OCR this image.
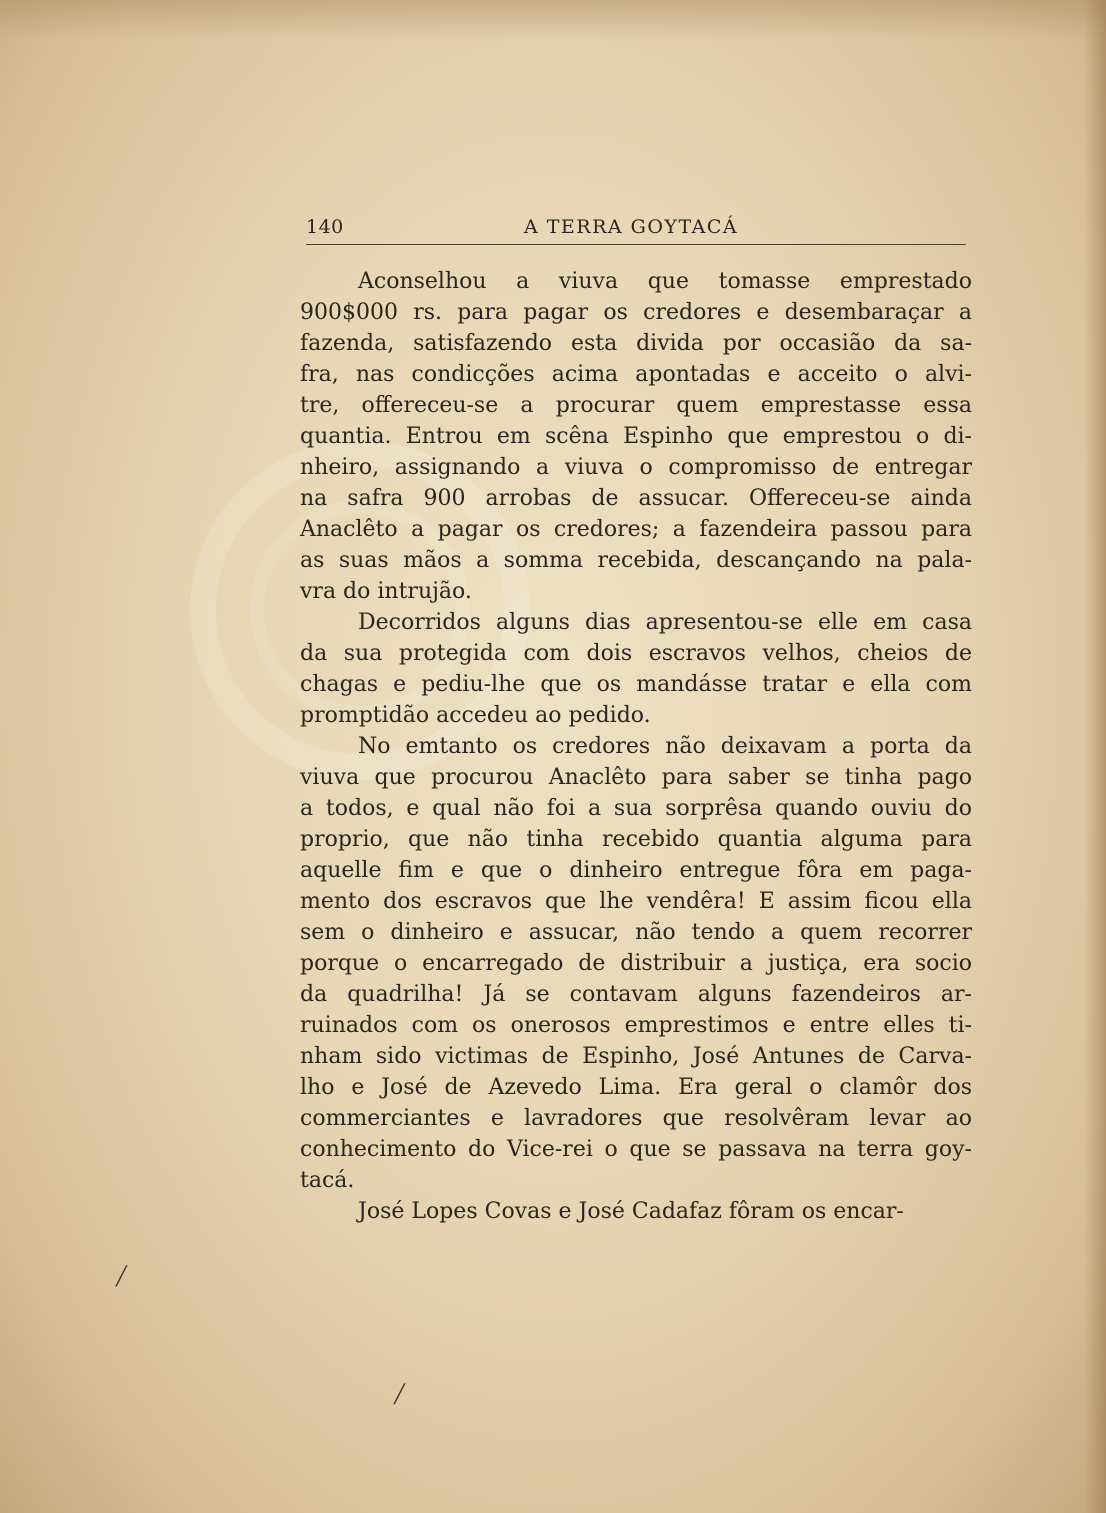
140	A TERRA GOYTACÁ
Aconselhou a viuva que tomasse emprestado
900$000 rs. para pagar os credores e desembaraçar a
fazenda, satisfazendo esta divida por occasião da sa-
fra, nas condicções acima apontadas e acceito o alvi-
tre, offereceu-se a procurar quem emprestasse essa
quantia. Entrou em scêna Espinho que emprestou o di-
nheiro, assignando a viuva o compromisso de entregar
na safra 900 arrobas de assucar. Offereceu-se ainda
Anaclêto a pagar os credores; a fazendeira passou para
as suas mãos a somma recebida, descançando na pala-
vra do intrujão.
Decorridos alguns dias apresentou-se elle em casa
da sua protegida com dois escravos velhos, cheios de
chagas e pediu-lhe que os mandásse tratar e ella com
promptidão accedeu ao pedido.
No emtanto os credores não deixavam a porta da
viuva que procurou Anaclêto para saber se tinha pago
a todos, e qual não foi a sua sorprêsa quando ouviu do
proprio, que não tinha recebido quantia alguma para
aquelle fim e que o dinheiro entregue fôra em paga-
mento dos escravos que lhe vendêra! E assim ficou ella
sem o dinheiro e assucar, não tendo a quem recorrer
porque o encarregado de distribuir a justiça, era socio
da quadrilha! Já se contavam alguns fazendeiros ar-
ruinados com os onerosos emprestimos e entre elles ti-
nham sido victimas de Espinho, José Antunes de Carva-
lho e José de Azevedo Lima. Era geral o clamôr dos
commerciantes e lavradores que resolvêram levar ao
conhecimento do Vice-rei o que se passava na terra goy-
tacá.
José Lopes Covas e José Cadafaz fôram os encar-
╱
╱
